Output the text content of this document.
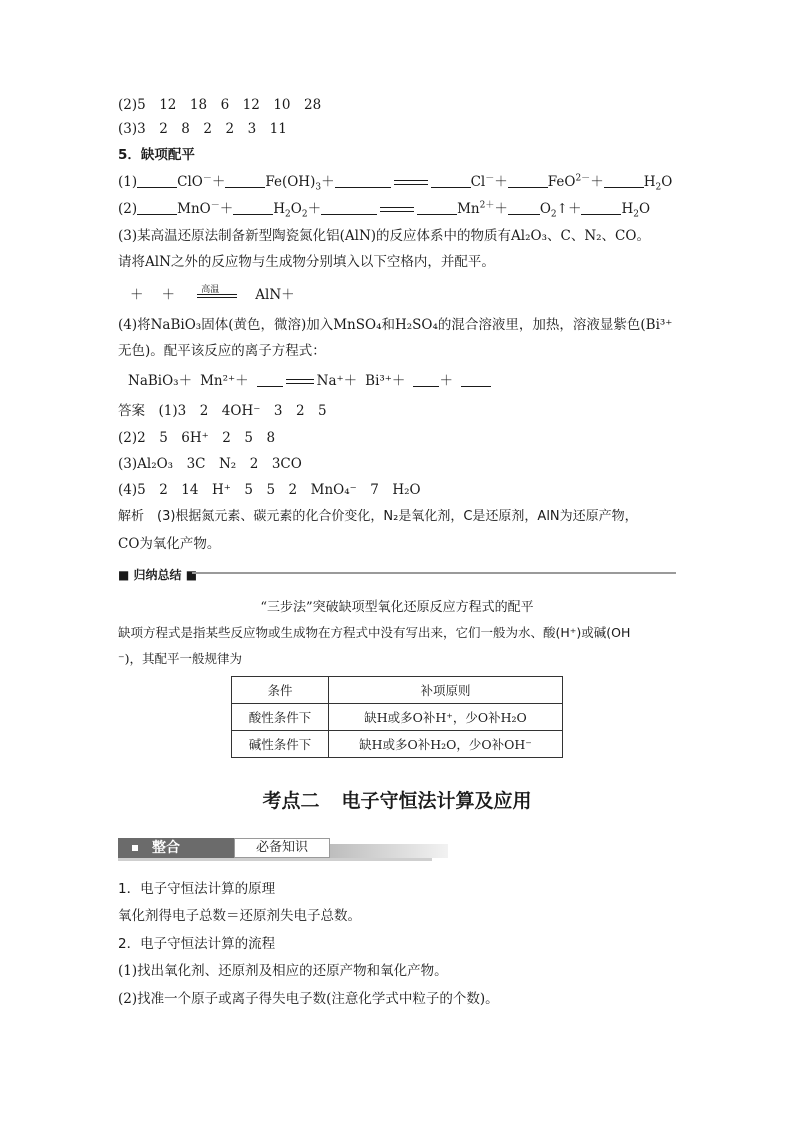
(2)5　12　18　6　12　10　28
(3)3　2　8　2　2　3　11
5．缺项配平
(1)	ClO－＋	$Fe(OH)_3+$	Cl－＋	FeO$^{2-}$＋	$H_2O$
(2)	MnO－＋	$H_2O_2+$	$Mn^{2+}+$ $O_2↑+$	$H_2O$
(3)某高温还原法制备新型陶瓷氮化铝(AlN)的反应体系中的物质有Al₂O₃、C、N₂、CO。
请将AlN之外的反应物与生成物分别填入以下空格内，并配平。
＋ ＋	高温	AlN＋
(4)将NaBiO₃固体(黄色，微溶)加入MnSO₄和H₂SO₄的混合溶液里，加热，溶液显紫色(Bi³⁺
无色)。配平该反应的离子方程式：
NaBiO₃＋ Mn²⁺＋	Na⁺＋ Bi³⁺＋	＋
答案　(1)3　2　4OH⁻　3　2　5
(2)2　5　6H⁺　2　5　8
(3)Al₂O₃　3C　N₂　2　3CO
(4)5　2　14　H⁺　5　5　2　MnO₄⁻　7　H₂O
解析　(3)根据氮元素、碳元素的化合价变化，N₂是氧化剂，C是还原剂，AlN为还原产物，
CO为氧化产物。
■ 归纳总结 ■
“三步法”突破缺项型氧化还原反应方程式的配平
缺项方程式是指某些反应物或生成物在方程式中没有写出来，它们一般为水、酸(H⁺)或碱(OH
⁻)，其配平一般规律为
条件	补项原则
酸性条件下	缺H或多O补H⁺，少O补H₂O
碱性条件下	缺H或多O补H₂O，少O补OH⁻
考点二 电子守恒法计算及应用
整合	必备知识
1．电子守恒法计算的原理
氧化剂得电子总数＝还原剂失电子总数。
2．电子守恒法计算的流程
(1)找出氧化剂、还原剂及相应的还原产物和氧化产物。
(2)找准一个原子或离子得失电子数(注意化学式中粒子的个数)。
